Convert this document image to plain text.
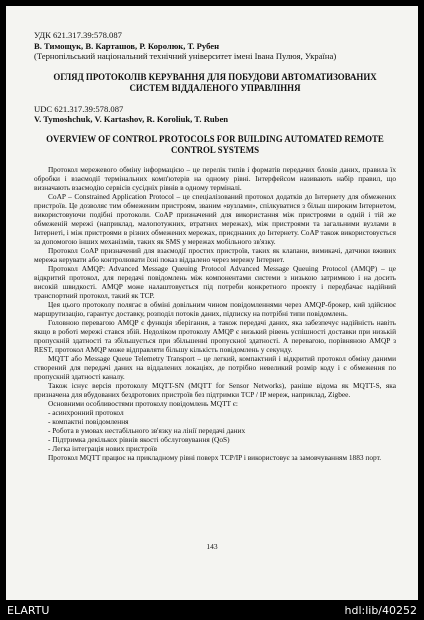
УДК 621.317.39:578.087
В. Тимощук, В. Карташов, Р. Королюк, Т. Рубен
(Тернопільський національний технічний університет імені Івана Пулюя, Україна)
ОГЛЯД ПРОТОКОЛІВ КЕРУВАННЯ ДЛЯ ПОБУДОВИ АВТОМАТИЗОВАНИХ СИСТЕМ ВІДДАЛЕНОГО УПРАВЛІННЯ
UDC 621.317.39:578.087
V. Tymoshchuk, V. Kartashov, R. Koroliuk, T. Ruben
OVERVIEW OF CONTROL PROTOCOLS FOR BUILDING AUTOMATED REMOTE CONTROL SYSTEMS

Протокол мережевого обміну інформацією – це перелік типів і форматів передачих блоків даних, правила їх обробки і взаємодії термінальних комп'ютерів на одному рівні. Інтерфейсом називають набір правил, що визначають взаємодію сервісів сусідніх рівнів в одному терміналі.

CoAP – Constrained Application Protocol – це спеціалізований протокол додатків до Інтернету для обмежених пристроїв. Це дозволяє тим обмеженим пристроям, званим «вузлами», спілкуватися з більш широким Інтернетом, використовуючи подібні протоколи. CoAP призначений для використання між пристроями в одній і тій же обмеженій мережі (наприклад, малопотужних, втратних мережах), між пристроями та загальними вузлами в Інтернеті, і між пристроями в різних обмежених мережах, приєднаних до Інтернету. CoAP також використовується за допомогою інших механізмів, таких як SMS у мережах мобільного зв'язку.

Протокол CoAP призначений для взаємодії простих пристроїв, таких як клапани, вимикачі, датчики вживих мережа керувати або контролювати їхні показ віддалено через мережу Інтернет.

Протокол AMQP: Advanced Message Queuing Protocol Advanced Message Queuing Protocol (AMQP) – це відкритий протокол, для передачі повідомлень між компонентами системи з низькою затримкою і на досить високій швидкості. AMQP може налаштовується під потреби конкретного проекту і передбачає надійний транспортний протокол, такий як TCP.

Цея цього протоколу полягає в обміні довільним чином повідомленнями через AMQP-брокер, кий здійснює маршрутизацію, гарантує доставку, розподіл потоків даних, підписку на потрібні типи повідомлень.

Головною перевагою AMQP є функція зберігання, а також передачі даних, яка забезпечує надійність навіть якщо в роботі мережі стався збій. Недоліком протоколу AMQP є низький рівень успішності доставки при низькій пропускній здатності та збільшується при збільшенні пропускної здатності. А перевагою, порівняною AMQP з REST, протокол AMQP може відправляти більшу кількість повідомлень у секунду.

MQTT або Message Queue Telemetry Transport – це легкий, компактний і відкритий протокол обміну даними створений для передачі даних на віддалених локаціях, де потрібно невеликий розмір коду і є обмеження по пропускній здатності каналу.

Також існує версія протоколу MQTT-SN (MQTT for Sensor Networks), раніше відома як MQTT-S, яка призначена для вбудованих бездротових пристроїв без підтримки TCP / IP мереж, наприклад, Zigbee.

Основними особливостями протоколу повідомлень MQTT є:

- асинхронний протокол
- компактні повідомлення
- Робота в умовах нестабільного зв'язку на лінії передачі даних
- Підтримка декількох рівнів якості обслуговування (QoS)
- Легка інтеграція нових пристроїв

Протокол MQTT працює на прикладному рівні поверх TCP/IP і використовує за замовчуванням 1883 порт.

143
ELARTU	hdl:lib/40252
